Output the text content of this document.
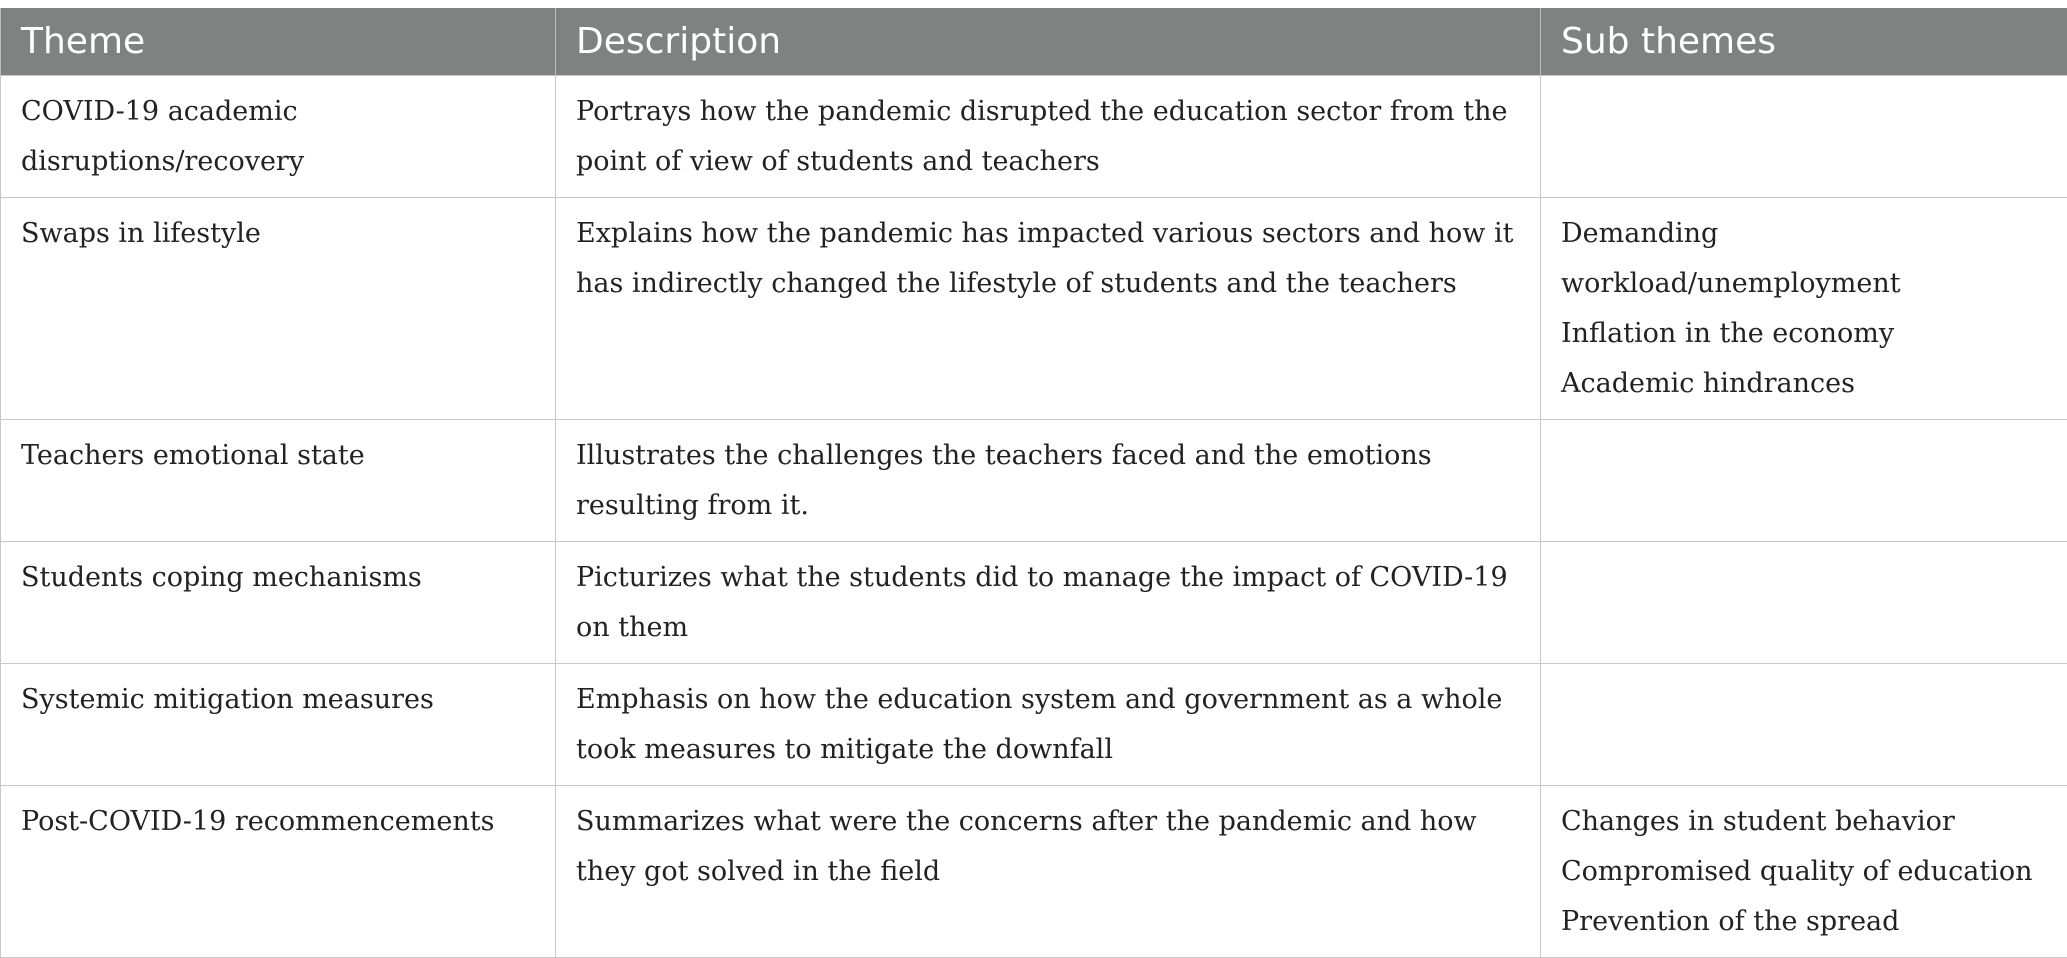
Theme	Description	Sub themes
COVID-19 academic disruptions/recovery	Portrays how the pandemic disrupted the education sector from the point of view of students and teachers	
Swaps in lifestyle	Explains how the pandemic has impacted various sectors and how it has indirectly changed the lifestyle of students and the teachers	Demanding workload/unemployment
Inflation in the economy
Academic hindrances

Teachers emotional state	Illustrates the challenges the teachers faced and the emotions resulting from it.	
Students coping mechanisms	Picturizes what the students did to manage the impact of COVID-19 on them	
Systemic mitigation measures	Emphasis on how the education system and government as a whole took measures to mitigate the downfall	
Post-COVID-19 recommencements	Summarizes what were the concerns after the pandemic and how they got solved in the field	Changes in student behavior
Compromised quality of education
Prevention of the spread
